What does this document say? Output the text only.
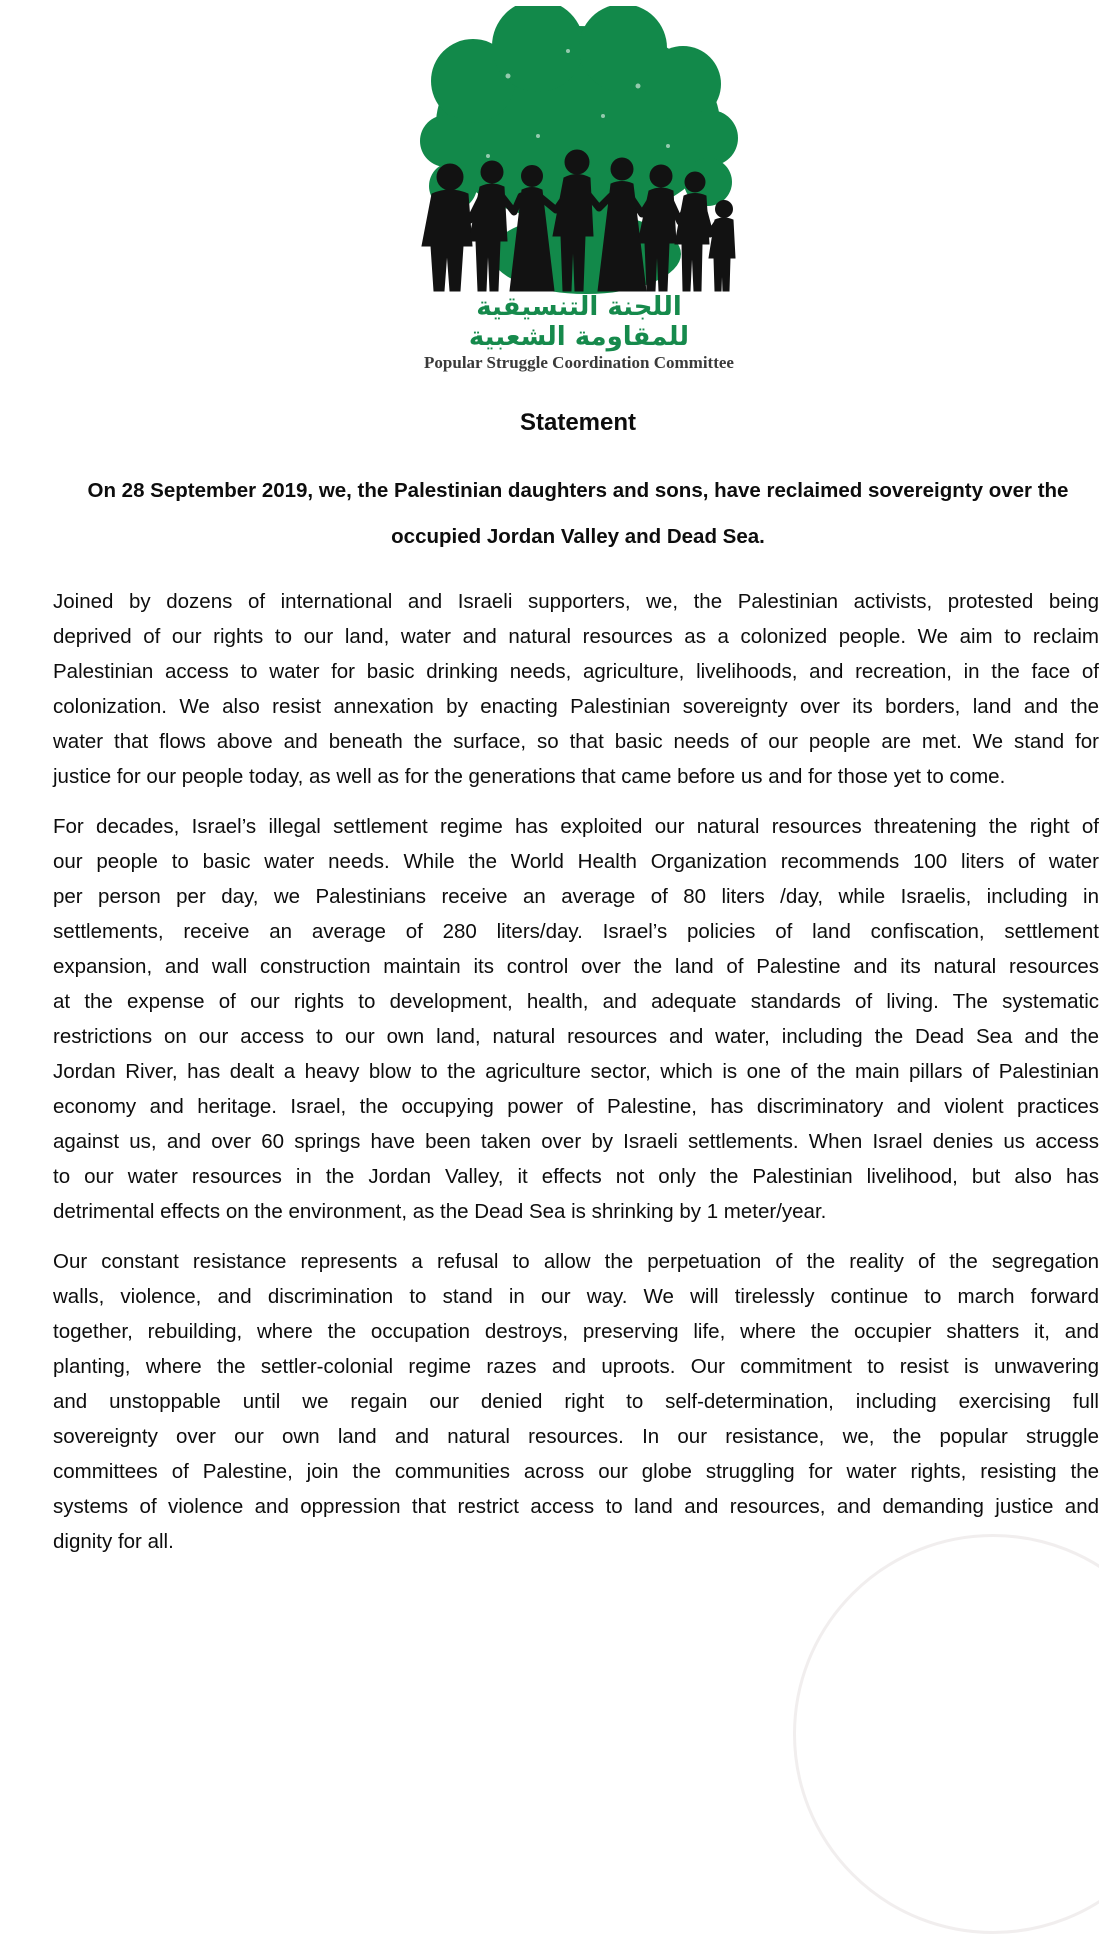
اللجنة التنسيقية للمقاومة الشعبية
Popular Struggle Coordination Committee
Statement
On 28 September 2019, we, the Palestinian daughters and sons, have reclaimed sovereignty over the
occupied Jordan Valley and Dead Sea.
Joined by dozens of international and Israeli supporters, we, the Palestinian activists, protested being
deprived of our rights to our land, water and natural resources as a colonized people. We aim to reclaim
Palestinian access to water for basic drinking needs, agriculture, livelihoods, and recreation, in the face of
colonization. We also resist annexation by enacting Palestinian sovereignty over its borders, land and the
water that flows above and beneath the surface, so that basic needs of our people are met. We stand for
justice for our people today, as well as for the generations that came before us and for those yet to come.
For decades, Israel’s illegal settlement regime has exploited our natural resources threatening the right of
our people to basic water needs. While the World Health Organization recommends 100 liters of water
per person per day, we Palestinians receive an average of 80 liters /day, while Israelis, including in
settlements, receive an average of 280 liters/day. Israel’s policies of land confiscation, settlement
expansion, and wall construction maintain its control over the land of Palestine and its natural resources
at the expense of our rights to development, health, and adequate standards of living. The systematic
restrictions on our access to our own land, natural resources and water, including the Dead Sea and the
Jordan River, has dealt a heavy blow to the agriculture sector, which is one of the main pillars of Palestinian
economy and heritage. Israel, the occupying power of Palestine, has discriminatory and violent practices
against us, and over 60 springs have been taken over by Israeli settlements. When Israel denies us access
to our water resources in the Jordan Valley, it effects not only the Palestinian livelihood, but also has
detrimental effects on the environment, as the Dead Sea is shrinking by 1 meter/year.
Our constant resistance represents a refusal to allow the perpetuation of the reality of the segregation
walls, violence, and discrimination to stand in our way. We will tirelessly continue to march forward
together, rebuilding, where the occupation destroys, preserving life, where the occupier shatters it, and
planting, where the settler-colonial regime razes and uproots. Our commitment to resist is unwavering
and unstoppable until we regain our denied right to self-determination, including exercising full
sovereignty over our own land and natural resources. In our resistance, we, the popular struggle
committees of Palestine, join the communities across our globe struggling for water rights, resisting the
systems of violence and oppression that restrict access to land and resources, and demanding justice and
dignity for all.
